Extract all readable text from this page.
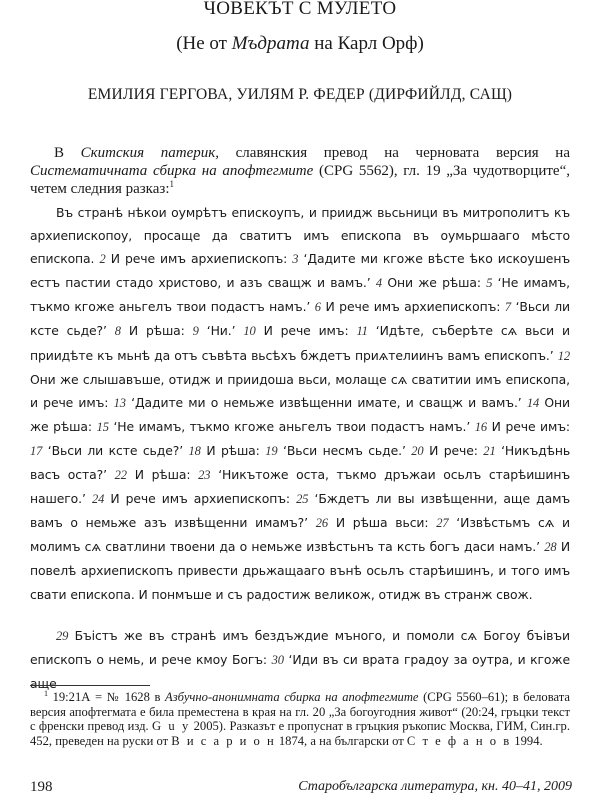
ЧОВЕКЪТ С МУЛЕТО
(Не от Мъдрата на Карл Орф)
ЕМИЛИЯ ГЕРГОВА, УИЛЯМ Р. ФЕДЕР (ДИРФИЙЛД, САЩ)
В Скитския патерик, славянския превод на черновата версия на Систематичната сбирка на апофтегмите (CPG 5562), гл. 19 „За чудотворците“, четем следния разказ:$^1$
Въ странѣ нѣкои оумрѣтъ епискоупъ, и приидж вьсьници въ митрополитъ къ архиепископоу, просаще да сватитъ имъ епископа въ оумьршааго мѣсто епископа. 2 И рече имъ архиепископъ: 3 ‘Дадите ми кгоже вѣсте ѣко искоушенъ естъ пастии стадо христово, и азъ сващж и вамъ.’ 4 Они же рѣша: 5 ‘Не имамъ, тъкмо кгоже аньгелъ твои подастъ намъ.’ 6 И рече имъ архиепископъ: 7 ‘Вьси ли ксте сьде?’ 8 И рѣша: 9 ‘Ни.’ 10 И рече имъ: 11 ‘Идѣте, съберѣте сѧ вьси и приидѣте къ мьнѣ да отъ съвѣта вьсѣхъ бждетъ приѧтелиинъ вамъ епископъ.’ 12 Они же слышавъше, отидж и приидоша вьси, молаще сѧ сватитии имъ епископа, и рече имъ: 13 ‘Дадите ми о немьже извѣщенни имате, и сващж и вамъ.’ 14 Они же рѣша: 15 ‘Не имамъ, тъкмо кгоже аньгелъ твои подастъ намъ.’ 16 И рече имъ: 17 ‘Вьси ли ксте сьде?’ 18 И рѣша: 19 ‘Вьси несмъ сьде.’ 20 И рече: 21 ‘Никъдѣнь васъ оста?’ 22 И рѣша: 23 ‘Никътоже оста, тъкмо дръжаи осьлъ старѣишинъ нашего.’ 24 И рече имъ архиепископъ: 25 ‘Бждетъ ли вы извѣщенни, аще дамъ вамъ о немьже азъ извѣщенни имамъ?’ 26 И рѣша вьси: 27 ‘Извѣстьмъ сѧ и молимъ сѧ сватлини твоени да о немьже извѣстьнъ та ксть богъ даси намъ.’ 28 И повелѣ архиепископъ привести дрьжащааго вънѣ осьлъ старѣишинъ, и того имъ свати епископа. И понмъше и съ радостиж великож, отидж въ странж свож.
29 Бъістъ же въ странѣ имъ бездъждие мъного, и помоли сѧ Богоу бъівъи епископъ о немь, и рече кмоу Богъ: 30 ‘Иди въ си врата градоу за оутра, и кгоже аще
$^1$ 19:21А = № 1628 в Азбучно-анонимната сбирка на апофтегмите (CPG 5560–61); в беловата версия апофтегмата е била преместена в края на гл. 20 „За богоугодния живот“ (20:24, гръцки текст с френски превод изд. G u y 2005). Разказът е пропуснат в гръцкия ръкопис Москва, ГИМ, Син.гр. 452, преведен на руски от В и с а р и о н 1874, а на български от С т е ф а н о в 1994.
198	Старобългарска литература, кн. 40–41, 2009
